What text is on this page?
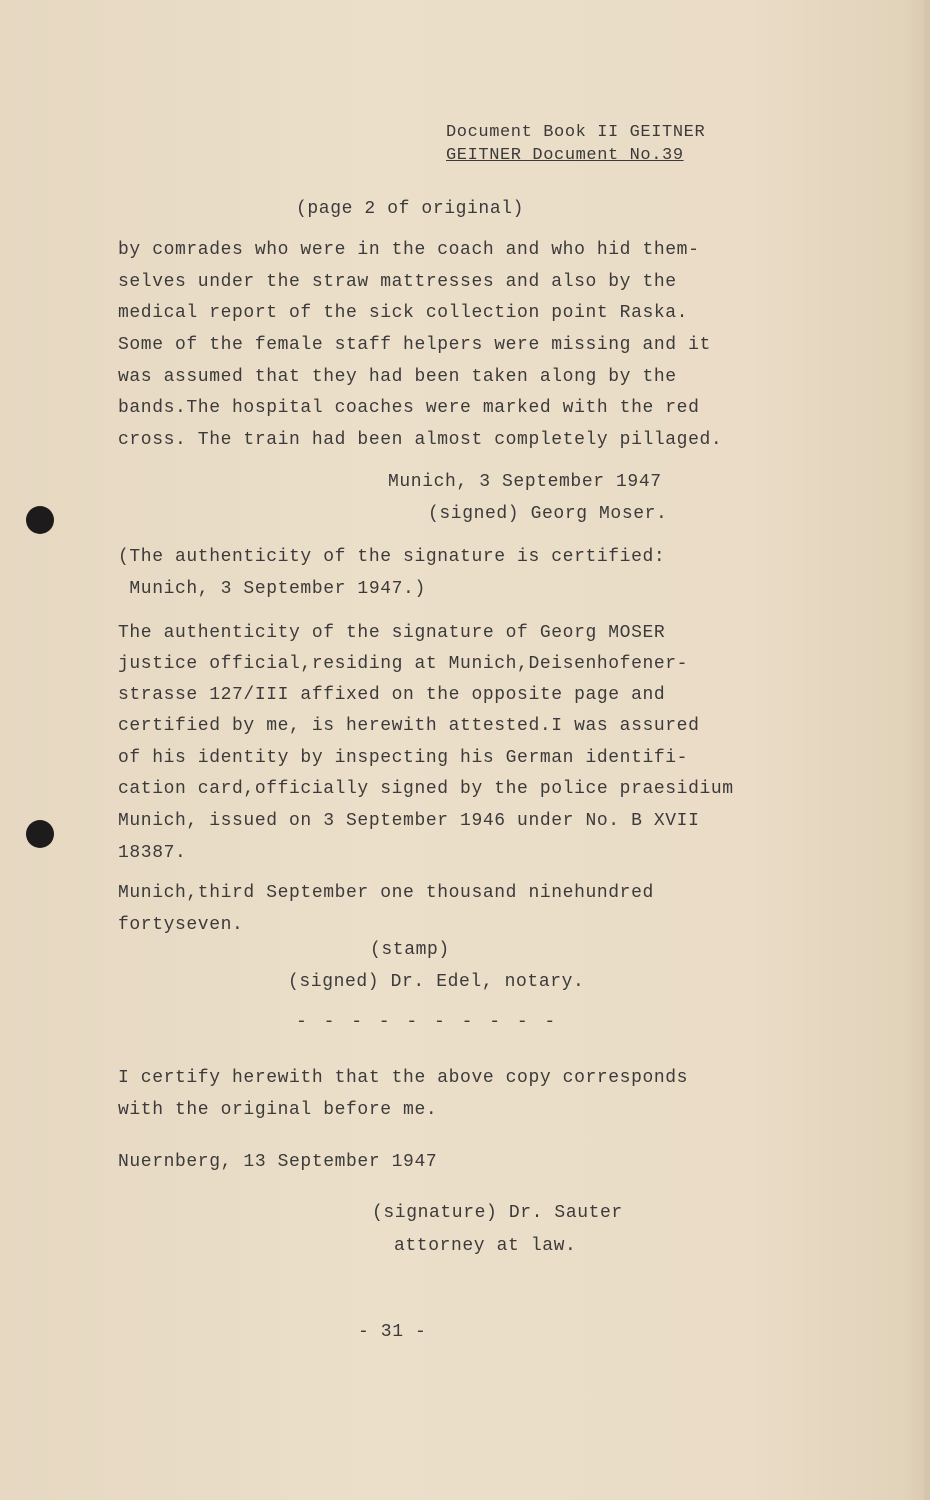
Document Book II GEITNER
GEITNER Document No.39
(page 2 of original)
by comrades who were in the coach and who hid them-
selves under the straw mattresses and also by the
medical report of the sick collection point Raska.
Some of the female staff helpers were missing and it
was assumed that they had been taken along by the
bands.The hospital coaches were marked with the red
cross. The train had been almost completely pillaged.
Munich, 3 September 1947
(signed) Georg Moser.
(The authenticity of the signature is certified:
Munich, 3 September 1947.)
The authenticity of the signature of Georg MOSER
justice official,residing at Munich,Deisenhofener-
strasse 127/III affixed on the opposite page and
certified by me, is herewith attested.I was assured
of his identity by inspecting his German identifi-
cation card,officially signed by the police praesidium
Munich, issued on 3 September 1946 under No. B XVII
18387.
Munich,third September one thousand ninehundred
fortyseven.
(stamp)
(signed) Dr. Edel, notary.
- - - - - - - - - -
I certify herewith that the above copy corresponds
with the original before me.
Nuernberg, 13 September 1947
(signature) Dr. Sauter
attorney at law.
- 31 -
